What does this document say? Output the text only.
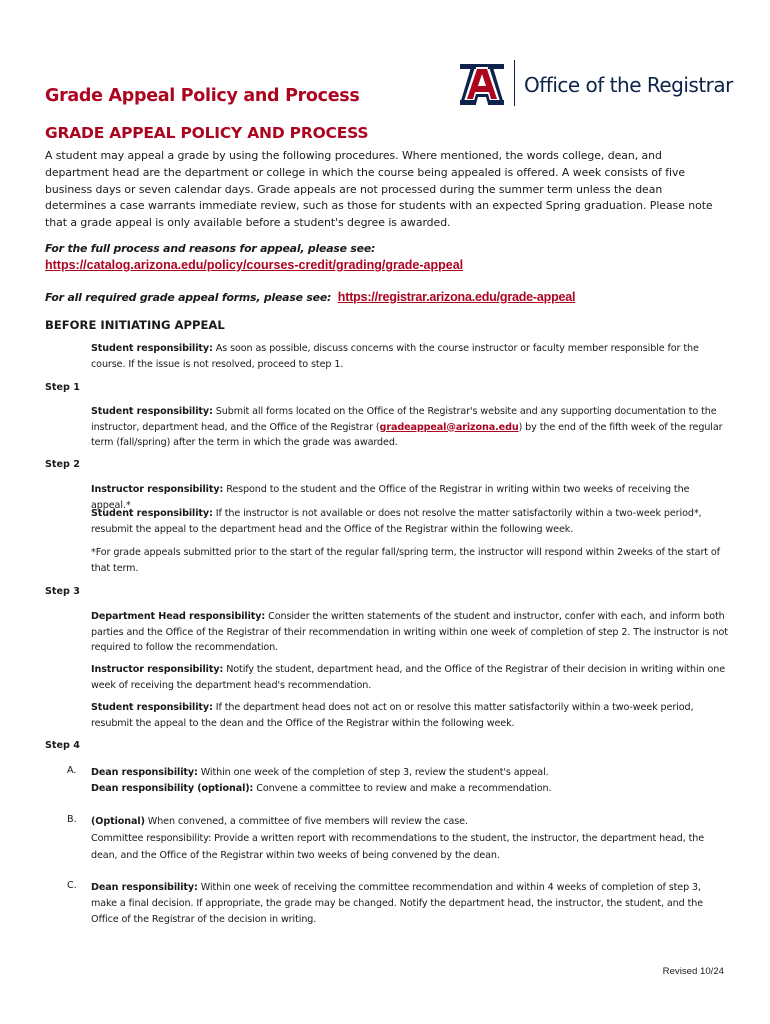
Grade Appeal Policy and Process	Office of the Registrar
GRADE APPEAL POLICY AND PROCESS
A student may appeal a grade by using the following procedures. Where mentioned, the words college, dean, and department head are the department or college in which the course being appealed is offered. A week consists of five business days or seven calendar days. Grade appeals are not processed during the summer term unless the dean determines a case warrants immediate review, such as those for students with an expected Spring graduation. Please note that a grade appeal is only available before a student's degree is awarded.
For the full process and reasons for appeal, please see:
https://catalog.arizona.edu/policy/courses-credit/grading/grade-appeal
For all required grade appeal forms, please see: https://registrar.arizona.edu/grade-appeal
BEFORE INITIATING APPEAL
Student responsibility: As soon as possible, discuss concerns with the course instructor or faculty member responsible for the course. If the issue is not resolved, proceed to step 1.
Step 1
Student responsibility: Submit all forms located on the Office of the Registrar's website and any supporting documentation to the instructor, department head, and the Office of the Registrar (gradeappeal@arizona.edu) by the end of the fifth week of the regular term (fall/spring) after the term in which the grade was awarded.
Step 2
Instructor responsibility: Respond to the student and the Office of the Registrar in writing within two weeks of receiving the appeal.*
Student responsibility: If the instructor is not available or does not resolve the matter satisfactorily within a two-week period*, resubmit the appeal to the department head and the Office of the Registrar within the following week.
*For grade appeals submitted prior to the start of the regular fall/spring term, the instructor will respond within 2weeks of the start of that term.
Step 3
Department Head responsibility: Consider the written statements of the student and instructor, confer with each, and inform both parties and the Office of the Registrar of their recommendation in writing within one week of completion of step 2. The instructor is not required to follow the recommendation.
Instructor responsibility: Notify the student, department head, and the Office of the Registrar of their decision in writing within one week of receiving the department head's recommendation.
Student responsibility: If the department head does not act on or resolve this matter satisfactorily within a two-week period, resubmit the appeal to the dean and the Office of the Registrar within the following week.
Step 4
A. Dean responsibility: Within one week of the completion of step 3, review the student's appeal.
Dean responsibility (optional): Convene a committee to review and make a recommendation.
B. (Optional) When convened, a committee of five members will review the case.
Committee responsibility: Provide a written report with recommendations to the student, the instructor, the department head, the dean, and the Office of the Registrar within two weeks of being convened by the dean.
C. Dean responsibility: Within one week of receiving the committee recommendation and within 4 weeks of completion of step 3, make a final decision. If appropriate, the grade may be changed. Notify the department head, the instructor, the student, and the Office of the Registrar of the decision in writing.
Revised 10/24
